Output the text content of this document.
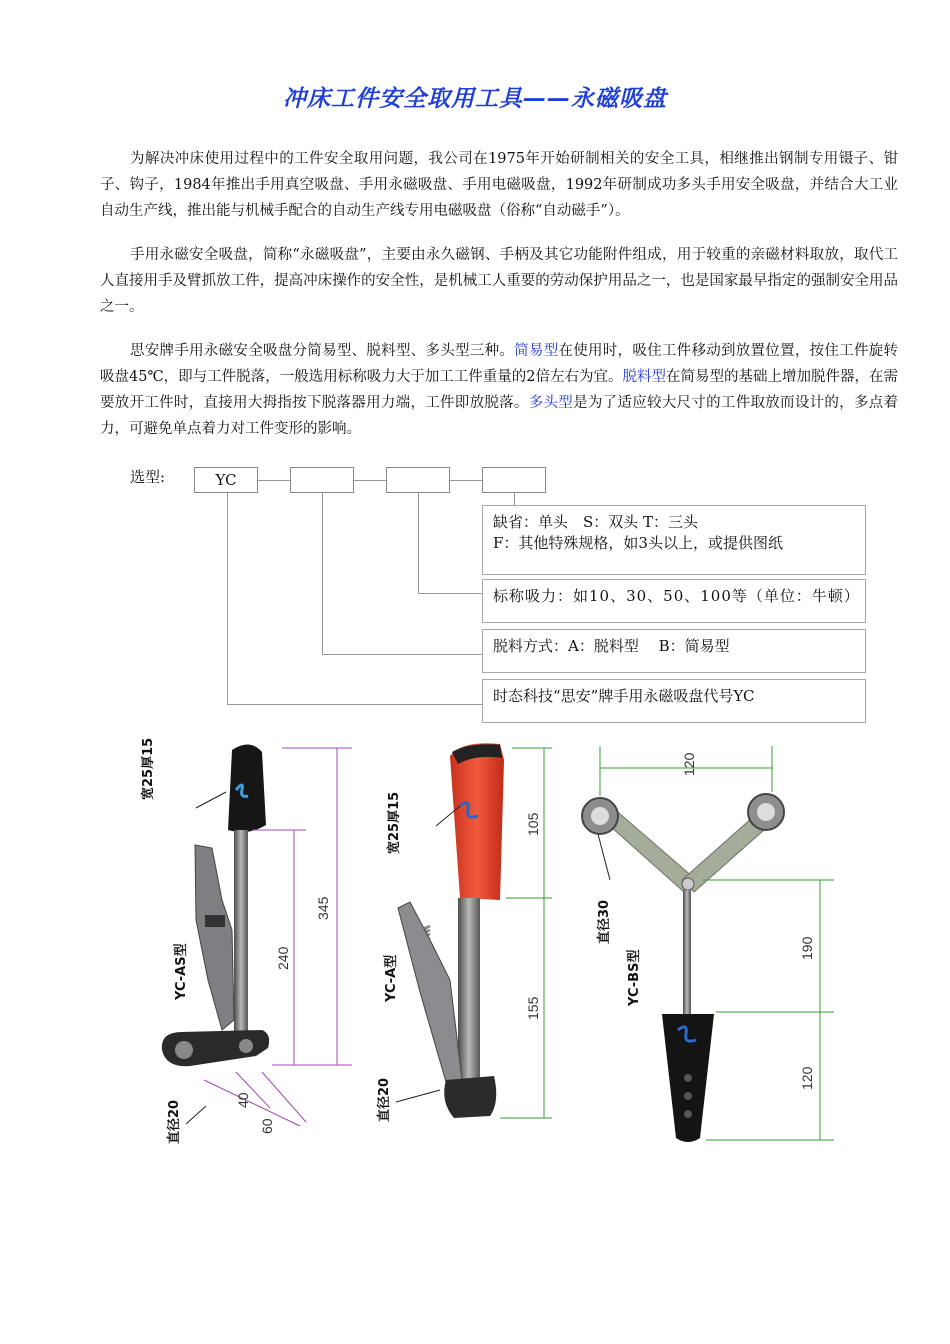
冲床工件安全取用工具——永磁吸盘

为解决冲床使用过程中的工件安全取用问题，我公司在1975年开始研制相关的安全工具，相继推出钢制专用镊子、钳子、钩子，1984年推出手用真空吸盘、手用永磁吸盘、手用电磁吸盘，1992年研制成功多头手用安全吸盘，并结合大工业自动生产线，推出能与机械手配合的自动生产线专用电磁吸盘（俗称“自动磁手”）。

手用永磁安全吸盘，简称“永磁吸盘”，主要由永久磁钢、手柄及其它功能附件组成，用于较重的亲磁材料取放，取代工人直接用手及臂抓放工件，提高冲床操作的安全性，是机械工人重要的劳动保护用品之一，也是国家最早指定的强制安全用品之一。

思安牌手用永磁安全吸盘分简易型、脱料型、多头型三种。简易型在使用时，吸住工件移动到放置位置，按住工件旋转吸盘45℃，即与工件脱落，一般选用标称吸力大于加工工件重量的2倍左右为宜。脱料型在简易型的基础上增加脱件器，在需要放开工件时，直接用大拇指按下脱落器用力端，工件即放脱落。多头型是为了适应较大尺寸的工件取放而设计的，多点着力，可避免单点着力对工件变形的影响。

选型:	YC
缺省：单头　S：双头 T：三头
F：其他特殊规格，如3头以上，或提供图纸
标称吸力：如10、30、50、100等（单位：牛顿）
脱料方式：A：脱料型　 B：简易型
时态科技“思安”牌手用永磁吸盘代号YC
345
240
40
60
宽25厚15
YC-AS型
直径20
105
155
宽25厚15
YC-A型
直径20
120
190
120
直径30
YC-BS型
